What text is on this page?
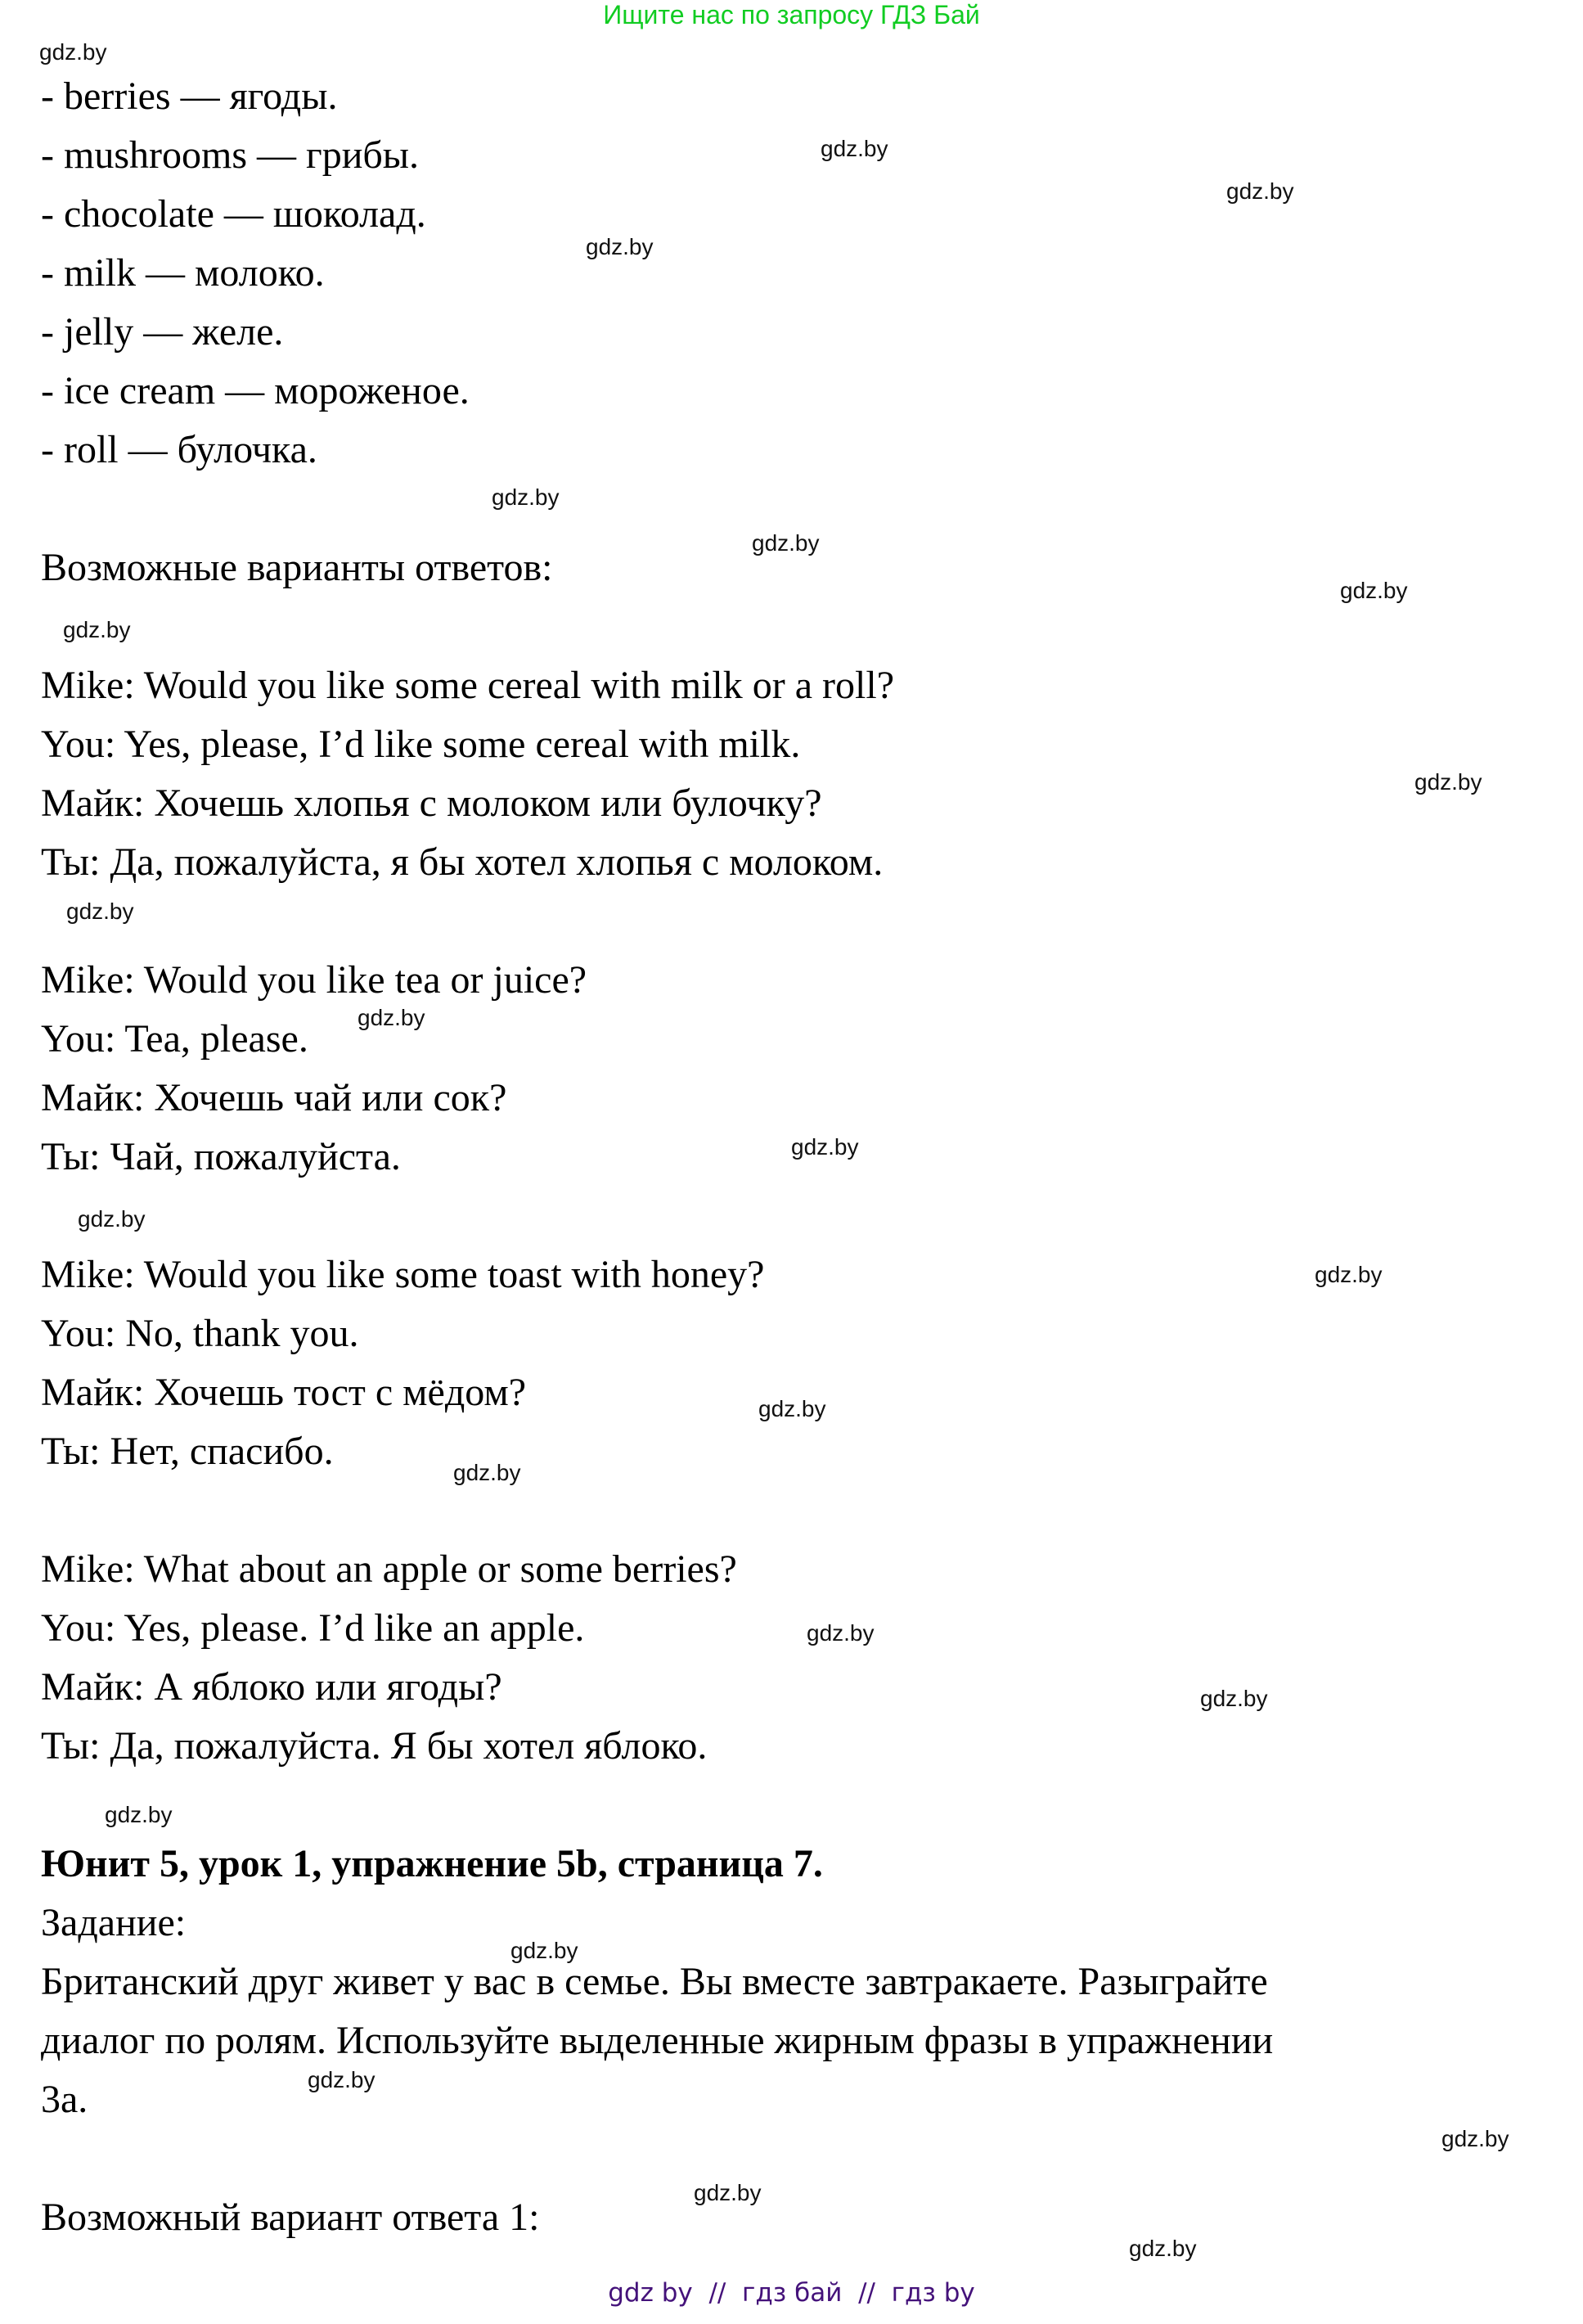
Ищите нас по запросу ГДЗ Бай
- berries — ягоды.
- mushrooms — грибы.
- chocolate — шоколад.
- milk — молоко.
- jelly — желе.
- ice cream — мороженое.
- roll — булочка.
Возможные варианты ответов:
Mike: Would you like some cereal with milk or a roll?
You: Yes, please, I’d like some cereal with milk.
Майк: Хочешь хлопья с молоком или булочку?
Ты: Да, пожалуйста, я бы хотел хлопья с молоком.
Mike: Would you like tea or juice?
You: Tea, please.
Майк: Хочешь чай или сок?
Ты: Чай, пожалуйста.
Mike: Would you like some toast with honey?
You: No, thank you.
Майк: Хочешь тост с мёдом?
Ты: Нет, спасибо.
Mike: What about an apple or some berries?
You: Yes, please. I’d like an apple.
Майк: А яблоко или ягоды?
Ты: Да, пожалуйста. Я бы хотел яблоко.
Юнит 5, урок 1, упражнение 5b, страница 7.
Задание:
Британский друг живет у вас в семье. Вы вместе завтракаете. Разыграйте
диалог по ролям. Используйте выделенные жирным фразы в упражнении
3а.
Возможный вариант ответа 1:
gdz.by
gdz.by
gdz.by
gdz.by
gdz.by
gdz.by
gdz.by
gdz.by
gdz.by
gdz.by
gdz.by
gdz.by
gdz.by
gdz.by
gdz.by
gdz.by
gdz.by
gdz.by
gdz.by
gdz.by
gdz.by
gdz.by
gdz.by
gdz.by
gdz by  //  гдз бай  //  гдз by
